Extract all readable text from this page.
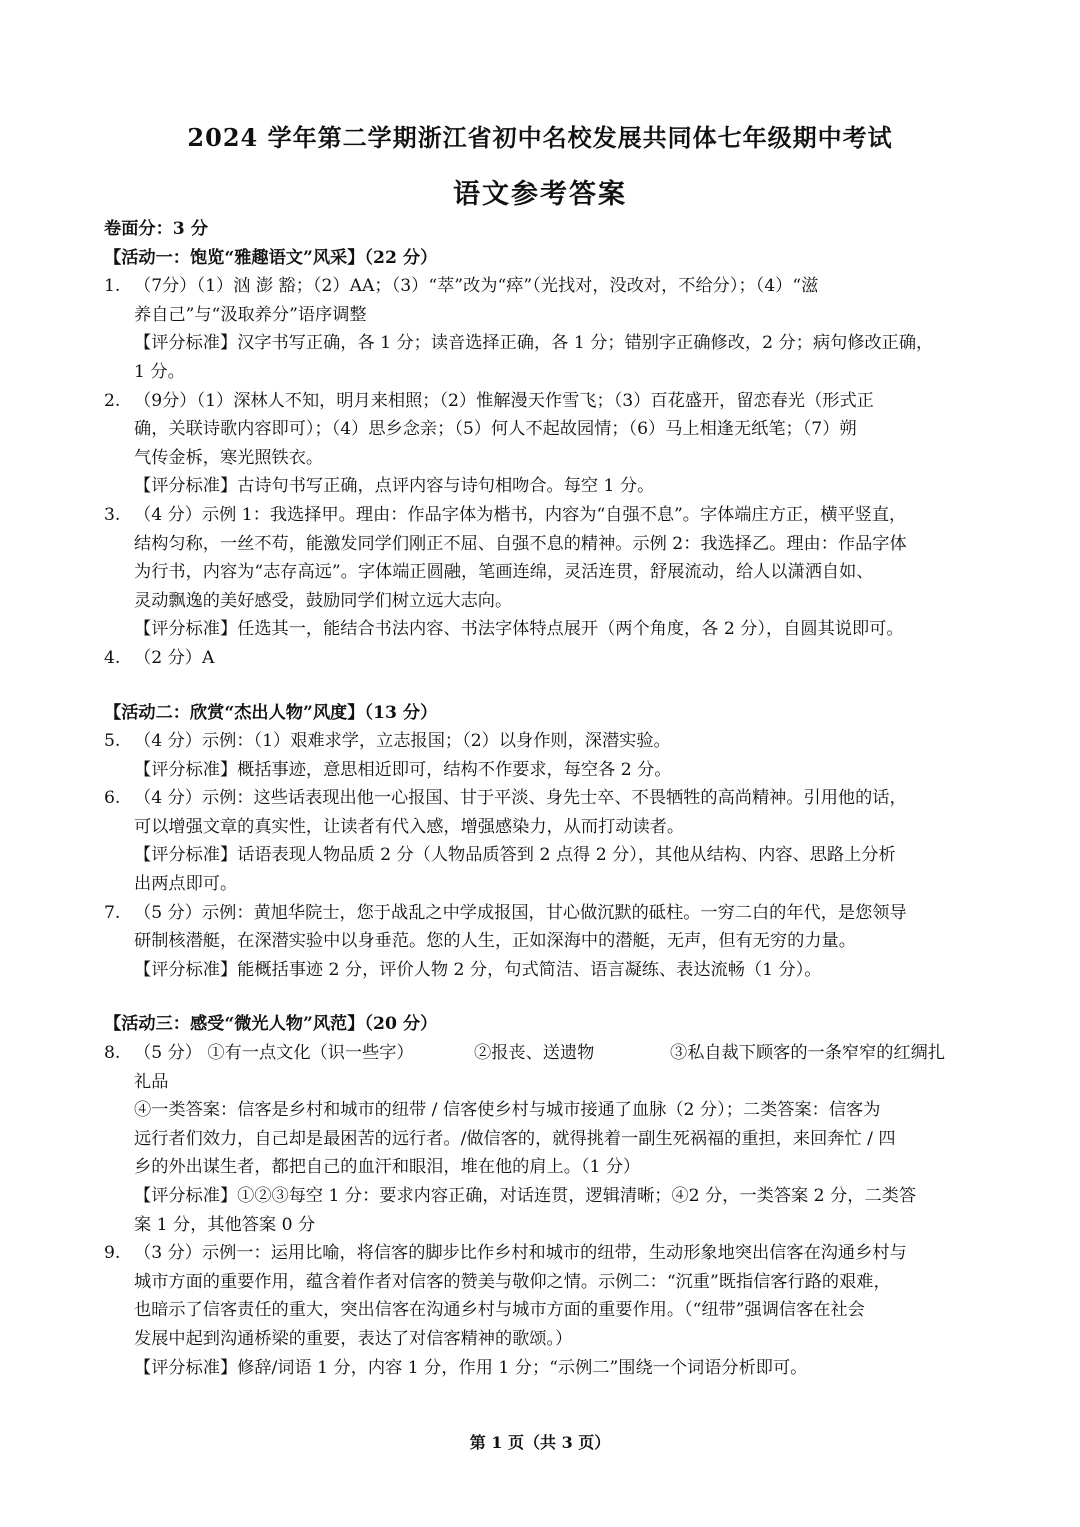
2024 学年第二学期浙江省初中名校发展共同体七年级期中考试
语文参考答案
卷面分：3 分
【活动一：饱览“雅趣语文”风采】（22 分）
1. （7分）（1）汹 澎 豁；（2）AA；（3）“萃”改为“瘁”（光找对，没改对，不给分）；（4）“滋
养自己”与“汲取养分”语序调整
【评分标准】汉字书写正确，各 1 分；读音选择正确，各 1 分；错别字正确修改，2 分；病句修改正确，
1 分。
2. （9分）（1）深林人不知，明月来相照；（2）惟解漫天作雪飞；（3）百花盛开，留恋春光（形式正
确，关联诗歌内容即可）；（4）思乡念亲；（5）何人不起故园情；（6）马上相逢无纸笔；（7）朔
气传金柝，寒光照铁衣。
【评分标准】古诗句书写正确，点评内容与诗句相吻合。每空 1 分。
3. （4 分）示例 1：我选择甲。理由：作品字体为楷书，内容为“自强不息”。字体端庄方正，横平竖直，
结构匀称，一丝不苟，能激发同学们刚正不屈、自强不息的精神。示例 2：我选择乙。理由：作品字体
为行书，内容为“志存高远”。字体端正圆融，笔画连绵，灵活连贯，舒展流动，给人以潇洒自如、
灵动飘逸的美好感受，鼓励同学们树立远大志向。
【评分标准】任选其一，能结合书法内容、书法字体特点展开（两个角度，各 2 分），自圆其说即可。
4. （2 分）A
【活动二：欣赏“杰出人物”风度】（13 分）
5. （4 分）示例：（1）艰难求学，立志报国；（2）以身作则，深潜实验。
【评分标准】概括事迹，意思相近即可，结构不作要求，每空各 2 分。
6. （4 分）示例：这些话表现出他一心报国、甘于平淡、身先士卒、不畏牺牲的高尚精神。引用他的话，
可以增强文章的真实性，让读者有代入感，增强感染力，从而打动读者。
【评分标准】话语表现人物品质 2 分（人物品质答到 2 点得 2 分），其他从结构、内容、思路上分析
出两点即可。
7. （5 分）示例：黄旭华院士，您于战乱之中学成报国，甘心做沉默的砥柱。一穷二白的年代，是您领导
研制核潜艇，在深潜实验中以身垂范。您的人生，正如深海中的潜艇，无声，但有无穷的力量。
【评分标准】能概括事迹 2 分，评价人物 2 分，句式简洁、语言凝练、表达流畅（1 分）。
【活动三：感受“微光人物”风范】（20 分）
8. （5 分） ①有一点文化（识一些字）	②报丧、送遗物	③私自裁下顾客的一条窄窄的红绸扎
礼品
④一类答案：信客是乡村和城市的纽带 / 信客使乡村与城市接通了血脉（2 分）；二类答案：信客为
远行者们效力，自己却是最困苦的远行者。/做信客的，就得挑着一副生死祸福的重担，来回奔忙 / 四
乡的外出谋生者，都把自己的血汗和眼泪，堆在他的肩上。（1 分）
【评分标准】①②③每空 1 分：要求内容正确，对话连贯，逻辑清晰；④2 分，一类答案 2 分，二类答
案 1 分，其他答案 0 分
9. （3 分）示例一：运用比喻，将信客的脚步比作乡村和城市的纽带，生动形象地突出信客在沟通乡村与
城市方面的重要作用，蕴含着作者对信客的赞美与敬仰之情。示例二：“沉重”既指信客行路的艰难，
也暗示了信客责任的重大，突出信客在沟通乡村与城市方面的重要作用。（“纽带”强调信客在社会
发展中起到沟通桥梁的重要，表达了对信客精神的歌颂。）
【评分标准】修辞/词语 1 分，内容 1 分，作用 1 分；“示例二”围绕一个词语分析即可。
第 1 页（共 3 页）
